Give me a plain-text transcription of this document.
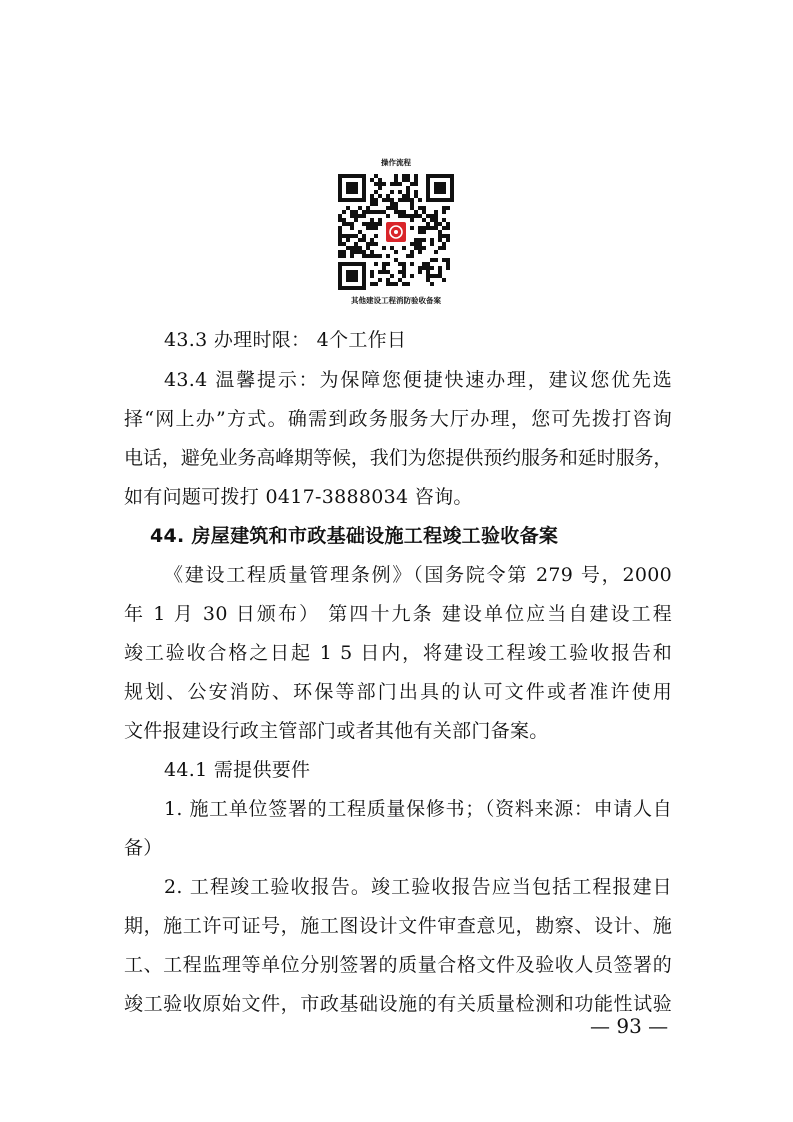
操作流程
其他建设工程消防验收备案
43.3 办理时限： 4个工作日
43.4 温馨提示：为保障您便捷快速办理，建议您优先选
择“网上办”方式。确需到政务服务大厅办理，您可先拨打咨询
电话，避免业务高峰期等候，我们为您提供预约服务和延时服务，
如有问题可拨打 0417-3888034 咨询。
44. 房屋建筑和市政基础设施工程竣工验收备案
《建设工程质量管理条例》（国务院令第 279 号，2000
年 1 月 30 日颁布） 第四十九条 建设单位应当自建设工程
竣工验收合格之日起 1 5 日内，将建设工程竣工验收报告和
规划、公安消防、环保等部门出具的认可文件或者准许使用
文件报建设行政主管部门或者其他有关部门备案。
44.1 需提供要件
1. 施工单位签署的工程质量保修书；（资料来源：申请人自
备）
2. 工程竣工验收报告。竣工验收报告应当包括工程报建日
期，施工许可证号，施工图设计文件审查意见，勘察、设计、施
工、工程监理等单位分别签署的质量合格文件及验收人员签署的
竣工验收原始文件，市政基础设施的有关质量检测和功能性试验
— 93 —
